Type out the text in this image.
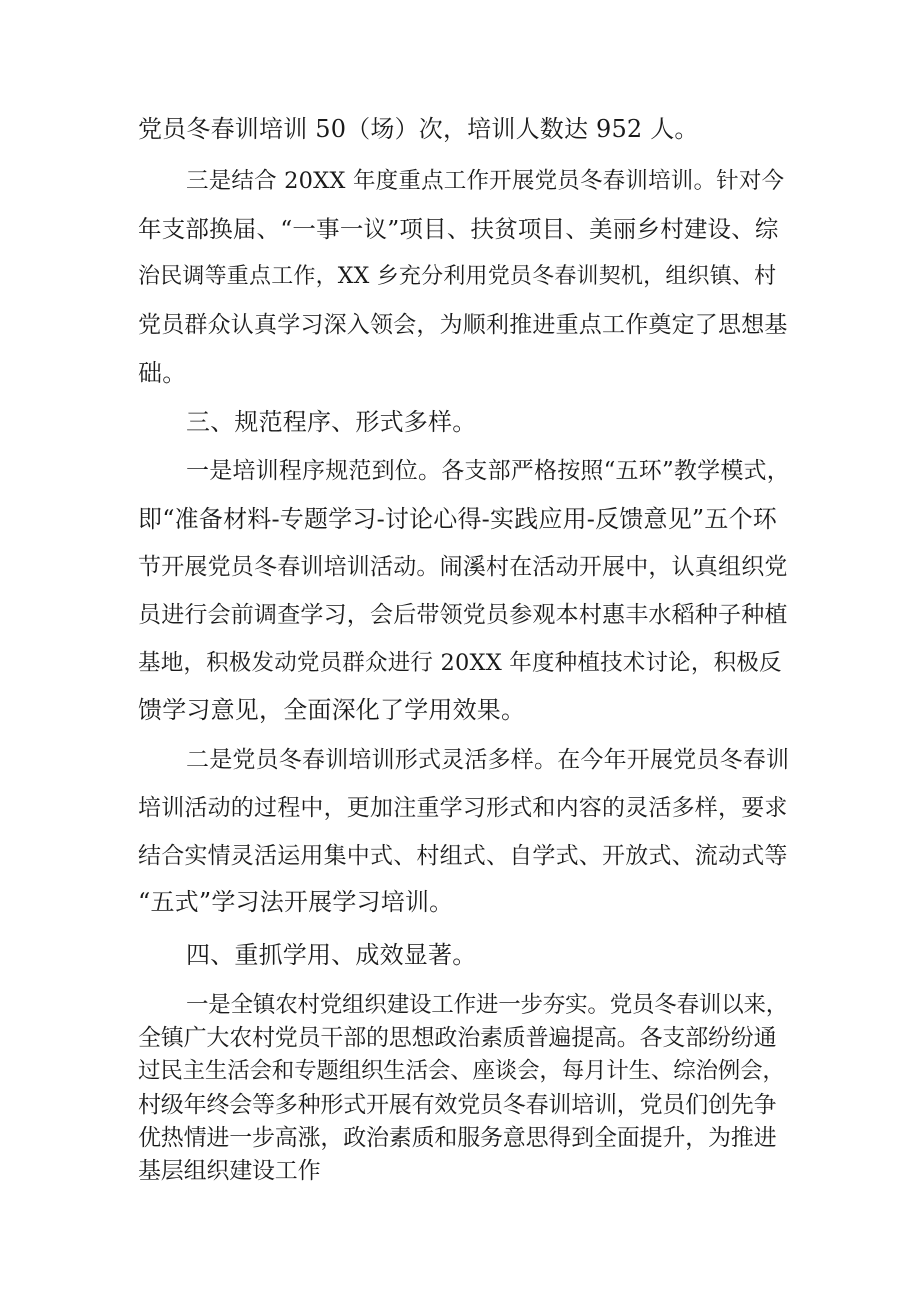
党员冬春训培训 50（场）次，培训人数达 952 人。
三是结合 20XX 年度重点工作开展党员冬春训培训。针对今
年支部换届、“一事一议”项目、扶贫项目、美丽乡村建设、综
治民调等重点工作，XX 乡充分利用党员冬春训契机，组织镇、村
党员群众认真学习深入领会，为顺利推进重点工作奠定了思想基
础。
三、规范程序、形式多样。
一是培训程序规范到位。各支部严格按照“五环”教学模式，
即“准备材料-专题学习-讨论心得-实践应用-反馈意见”五个环
节开展党员冬春训培训活动。闹溪村在活动开展中，认真组织党
员进行会前调查学习，会后带领党员参观本村惠丰水稻种子种植
基地，积极发动党员群众进行 20XX 年度种植技术讨论，积极反
馈学习意见，全面深化了学用效果。
二是党员冬春训培训形式灵活多样。在今年开展党员冬春训
培训活动的过程中，更加注重学习形式和内容的灵活多样，要求
结合实情灵活运用集中式、村组式、自学式、开放式、流动式等
“五式”学习法开展学习培训。
四、重抓学用、成效显著。
一是全镇农村党组织建设工作进一步夯实。党员冬春训以来，
全镇广大农村党员干部的思想政治素质普遍提高。各支部纷纷通
过民主生活会和专题组织生活会、座谈会，每月计生、综治例会，
村级年终会等多种形式开展有效党员冬春训培训，党员们创先争
优热情进一步高涨，政治素质和服务意思得到全面提升，为推进
基层组织建设工作
